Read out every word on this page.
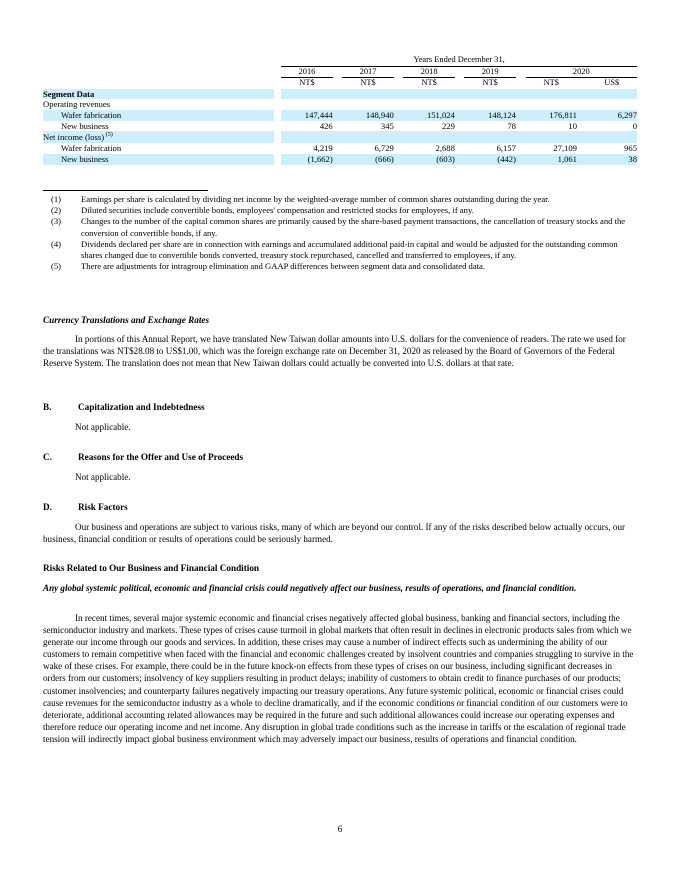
		Years Ended December 31,										
		2016		2017		2018		2019		2020		
		NT$		NT$		NT$		NT$		NT$		US$
Segment Data												
Operating revenues												
Wafer fabrication		147,444		148,940		151,024		148,124		176,811		6,297
New business		426		345		229		78		10		0
Net income (loss) $^{(5)}$												
Wafer fabrication		4,219		6,729		2,688		6,157		27,109		965
New business		(1,662)		(666)		(603)		(442)		1,061		38
(1)	Earnings per share is calculated by dividing net income by the weighted-average number of common shares outstanding during the year.
(2)	Diluted securities include convertible bonds, employees' compensation and restricted stocks for employees, if any.
(3)	Changes to the number of the capital common shares are primarily caused by the share-based payment transactions, the cancellation of treasury stocks and the conversion of convertible bonds, if any.
(4)	Dividends declared per share are in connection with earnings and accumulated additional paid-in capital and would be adjusted for the outstanding common shares changed due to convertible bonds converted, treasury stock repurchased, cancelled and transferred to employees, if any.
(5)	There are adjustments for intragroup elimination and GAAP differences between segment data and consolidated data.
Currency Translations and Exchange Rates
In portions of this Annual Report, we have translated New Taiwan dollar amounts into U.S. dollars for the convenience of readers. The rate we used for the translations was NT$28.08 to US$1.00, which was the foreign exchange rate on December 31, 2020 as released by the Board of Governors of the Federal Reserve System. The translation does not mean that New Taiwan dollars could actually be converted into U.S. dollars at that rate.
B.	Capitalization and Indebtedness
Not applicable.
C.	Reasons for the Offer and Use of Proceeds
Not applicable.
D.	Risk Factors
Our business and operations are subject to various risks, many of which are beyond our control. If any of the risks described below actually occurs, our business, financial condition or results of operations could be seriously harmed.
Risks Related to Our Business and Financial Condition
Any global systemic political, economic and financial crisis could negatively affect our business, results of operations, and financial condition.
In recent times, several major systemic economic and financial crises negatively affected global business, banking and financial sectors, including the semiconductor industry and markets. These types of crises cause turmoil in global markets that often result in declines in electronic products sales from which we generate our income through our goods and services. In addition, these crises may cause a number of indirect effects such as undermining the ability of our customers to remain competitive when faced with the financial and economic challenges created by insolvent countries and companies struggling to survive in the wake of these crises. For example, there could be in the future knock-on effects from these types of crises on our business, including significant decreases in orders from our customers; insolvency of key suppliers resulting in product delays; inability of customers to obtain credit to finance purchases of our products; customer insolvencies; and counterparty failures negatively impacting our treasury operations. Any future systemic political, economic or financial crises could cause revenues for the semiconductor industry as a whole to decline dramatically, and if the economic conditions or financial condition of our customers were to deteriorate, additional accounting related allowances may be required in the future and such additional allowances could increase our operating expenses and therefore reduce our operating income and net income. Any disruption in global trade conditions such as the increase in tariffs or the escalation of regional trade tension will indirectly impact global business environment which may adversely impact our business, results of operations and financial condition.
6
